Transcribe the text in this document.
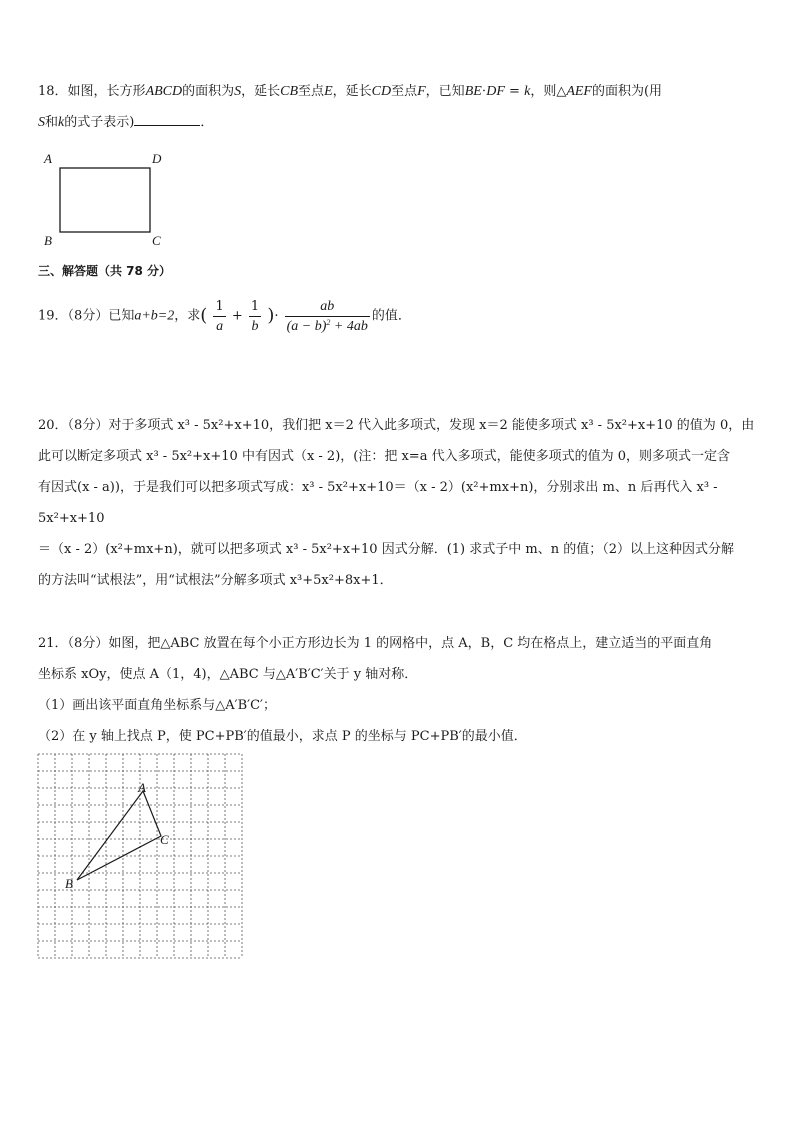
18．如图，长方形ABCD的面积为S，延长CB至点E，延长CD至点F，已知BE⋅DF = k，则△AEF的面积为(用
S和k的式子表示)	．
A	D
B	C
三、解答题（共 78 分）
19．（8分）已知a+b=2，求( $\frac{1}{a} + \frac{1}{b}$ )· $\frac{ab}{(a - b)^2 + 4ab}$ 的值．
20．（8分）对于多项式 x³ - 5x²+x+10，我们把 x＝2 代入此多项式，发现 x＝2 能使多项式 x³ - 5x²+x+10 的值为 0，由
此可以断定多项式 x³ - 5x²+x+10 中有因式（x - 2)，(注：把 x=a 代入多项式，能使多项式的值为 0，则多项式一定含
有因式(x - a))，于是我们可以把多项式写成：x³ - 5x²+x+10＝（x - 2）(x²+mx+n)，分别求出 m、n 后再代入 x³ - 5x²+x+10
＝（x - 2）(x²+mx+n)，就可以把多项式 x³ - 5x²+x+10 因式分解．(1) 求式子中 m、n 的值；（2）以上这种因式分解
的方法叫“试根法”，用“试根法”分解多项式 x³+5x²+8x+1．
21．（8分）如图，把△ABC 放置在每个小正方形边长为 1 的网格中，点 A，B，C 均在格点上，建立适当的平面直角
坐标系 xOy，使点 A（1，4)，△ABC 与△A′B′C′关于 y 轴对称．
（1）画出该平面直角坐标系与△A′B′C′；
（2）在 y 轴上找点 P，使 PC+PB′的值最小，求点 P 的坐标与 PC+PB′的最小值．
A
C
B
